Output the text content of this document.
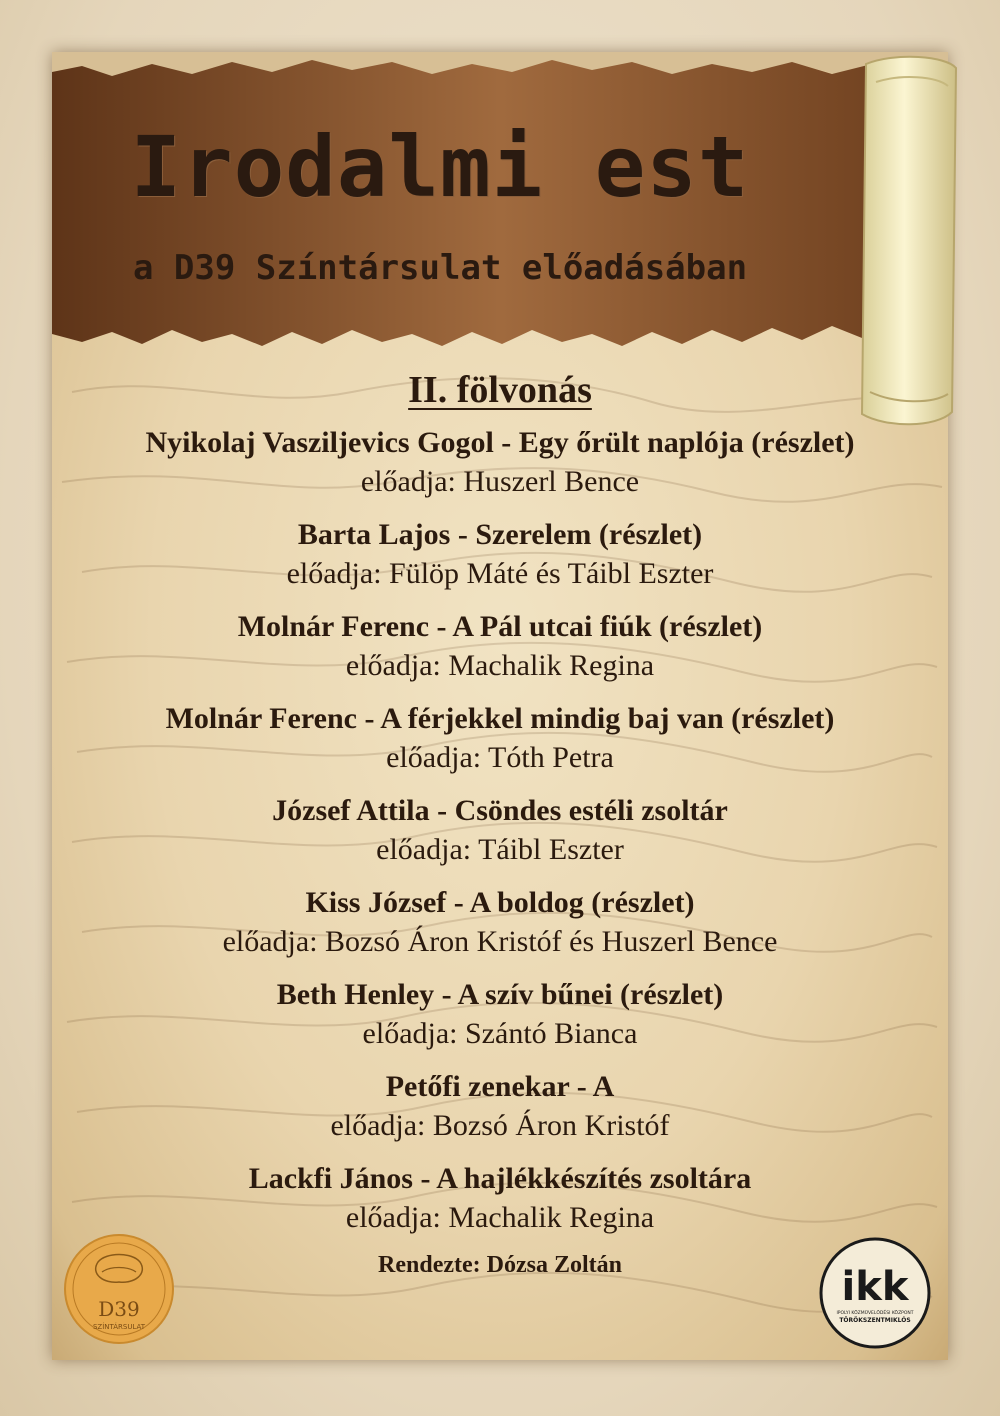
Irodalmi est
a D39 Színtársulat előadásában
II. fölvonás
Nyikolaj Vasziljevics Gogol - Egy őrült naplója (részlet)
előadja: Huszerl Bence
Barta Lajos - Szerelem (részlet)
előadja: Fülöp Máté és Táibl Eszter
Molnár Ferenc - A Pál utcai fiúk (részlet)
előadja: Machalik Regina
Molnár Ferenc - A férjekkel mindig baj van (részlet)
előadja: Tóth Petra
József Attila - Csöndes estéli zsoltár
előadja: Táibl Eszter
Kiss József - A boldog (részlet)
előadja: Bozsó Áron Kristóf és Huszerl Bence
Beth Henley - A szív bűnei (részlet)
előadja: Szántó Bianca
Petőfi zenekar - A
előadja: Bozsó Áron Kristóf
Lackfi János - A hajlékkészítés zsoltára
előadja: Machalik Regina
Rendezte: Dózsa Zoltán
D39
SZÍNTÁRSULAT
ikk
IPOLYI KÖZMŰVELŐDÉSI KÖZPONT
TÖRÖKSZENTMIKLÓS
